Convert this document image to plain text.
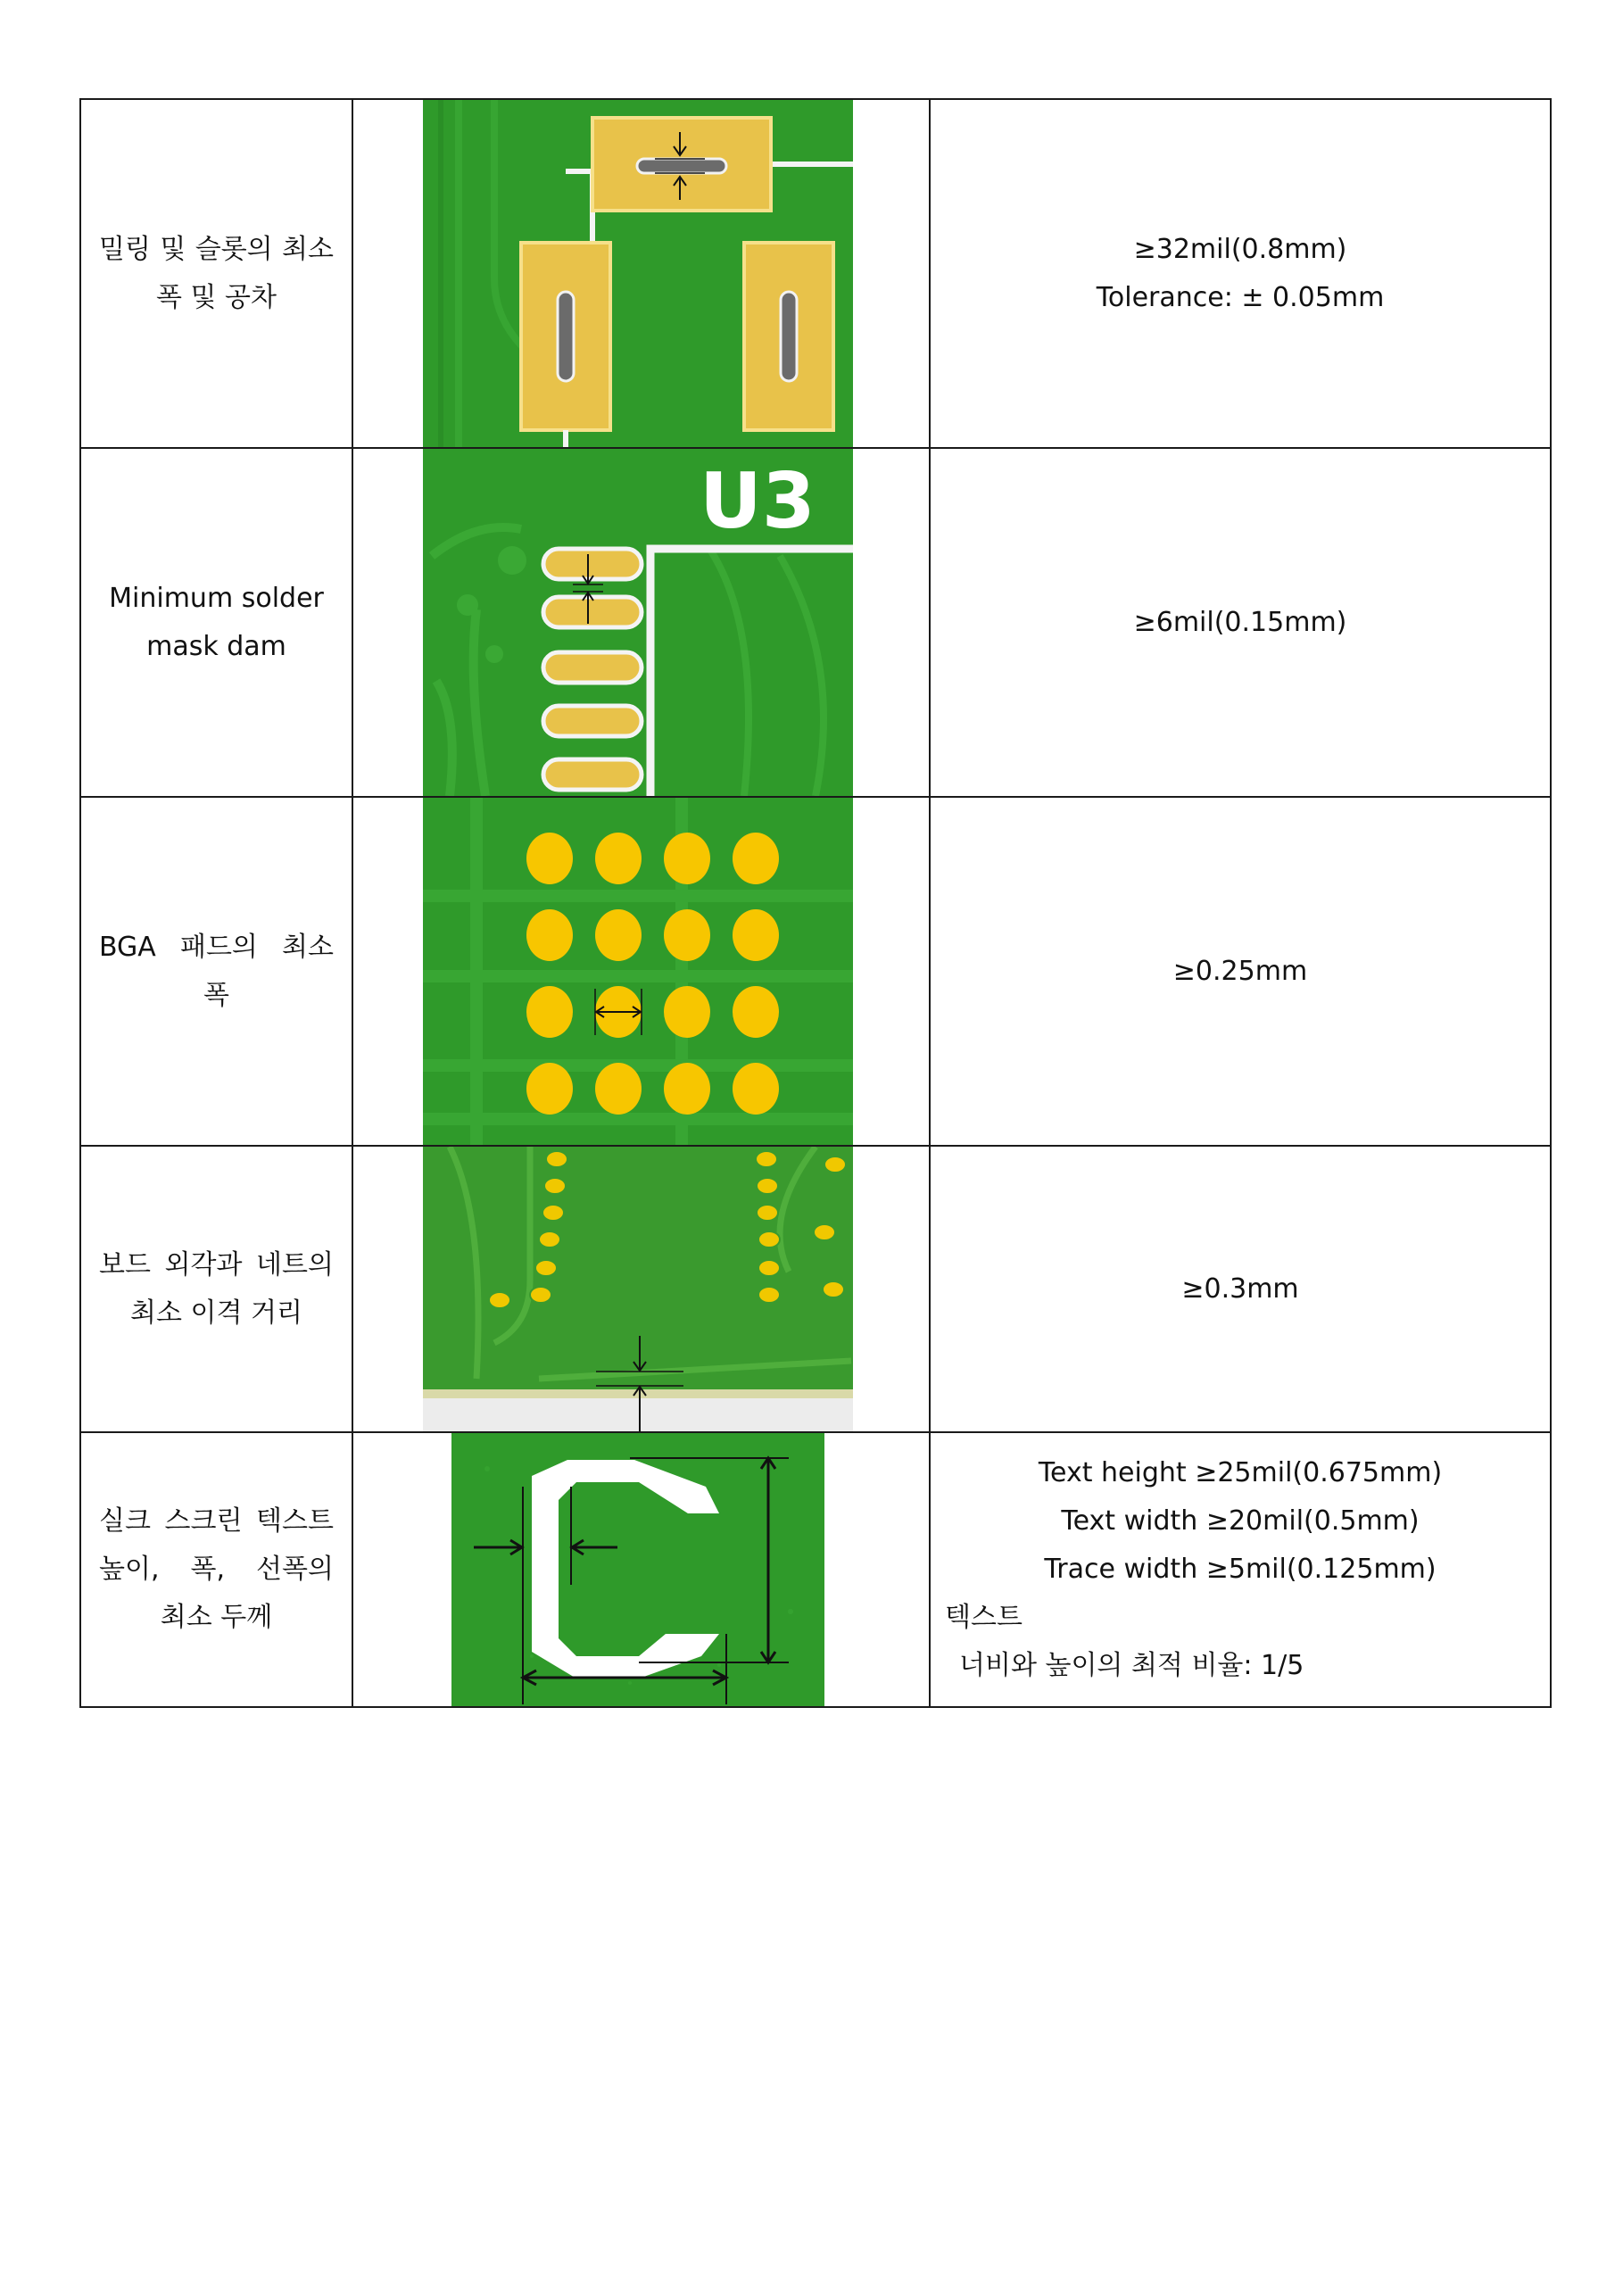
밀링 및 슬롯의 최소 폭 및 공차		≥32mil(0.8mm)
Tolerance: ± 0.05mm

Minimum solder mask dam	U3	≥6mil(0.15mm)

BGA 패드의 최소 폭		≥0.25mm

보드 외각과 네트의 최소 이격 거리		≥0.3mm

실크 스크린 텍스트 높이, 폭, 선폭의 최소 두께		Text height ≥25mil(0.675mm)
Text width ≥20mil(0.5mm)
Trace width ≥5mil(0.125mm)
텍스트
너비와 높이의 최적 비율: 1/5
